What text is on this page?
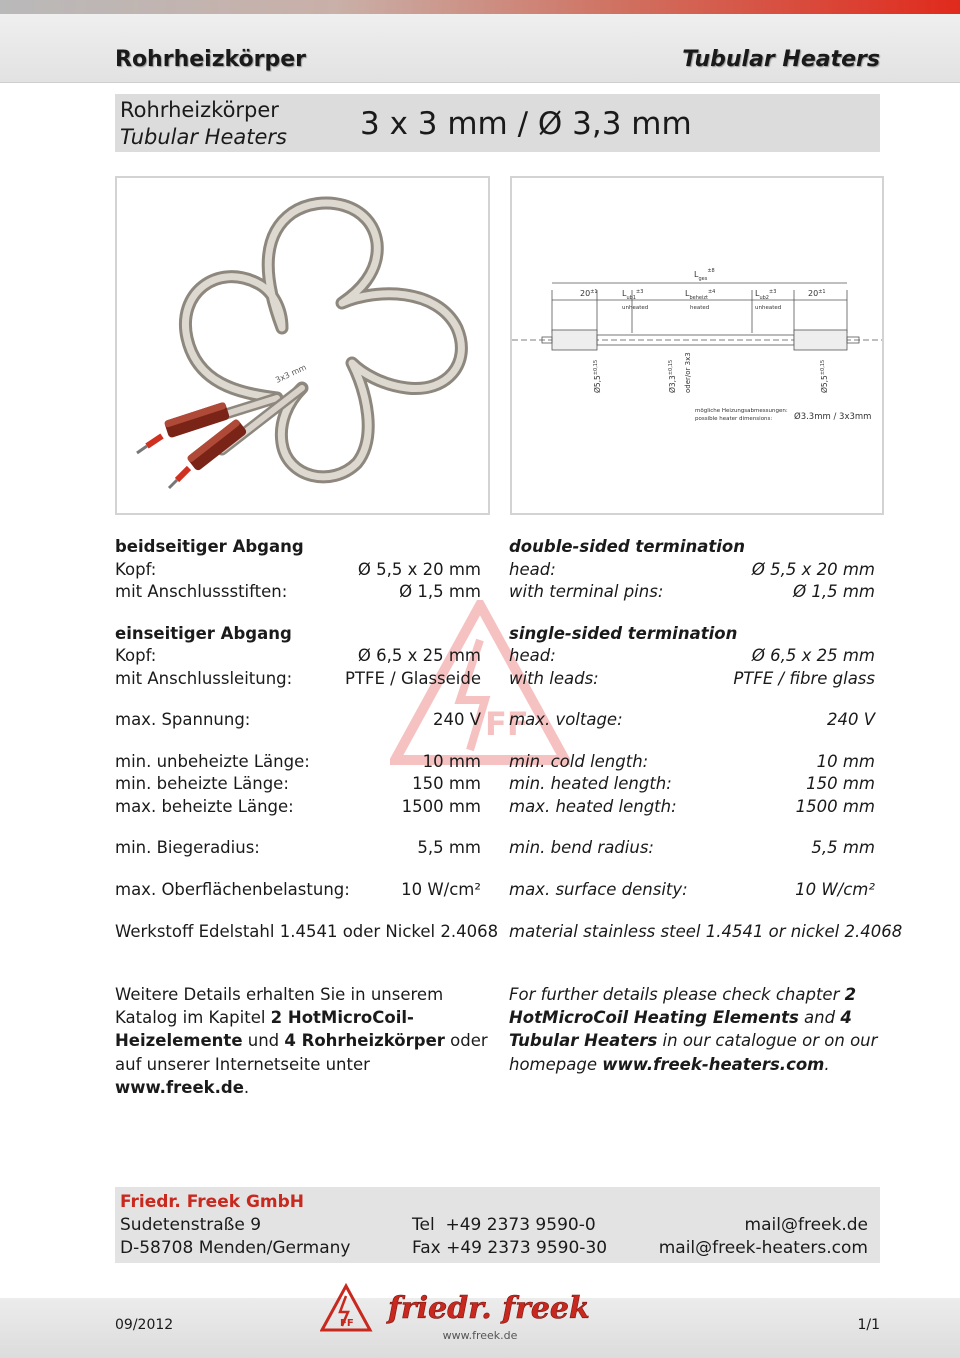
Rohrheizkörper	Tubular Heaters
Rohrheizkörper
Tubular Heaters 3 x 3 mm / Ø 3,3 mm
3x3 mm
$L_{ges}^{\pm 8}$
$20^{\pm 1}$	$L_{ub1}^{\pm 3}$
unheated
$L_{beheizt}^{\pm 4}$
heated
$L_{ub2}^{\pm 3}$
unheated
$20^{\pm 1}$
$Ø5,5^{\pm 0,15}$
$Ø3,3^{\pm 0,15}$	oder/or 3x3	$Ø5,5^{\pm 0,15}$
mögliche Heizungsabmessungen:
possible heater dimensions:	Ø3.3mm / 3x3mm
FF
beidseitiger Abgang
Kopf:	Ø 5,5 x 20 mm
mit Anschlussstiften:	Ø 1,5 mm
einseitiger Abgang
Kopf:	Ø 6,5 x 25 mm
mit Anschlussleitung:	PTFE / Glasseide
max. Spannung:	240 V
min. unbeheizte Länge:	10 mm
min. beheizte Länge:	150 mm
max. beheizte Länge:	1500 mm
min. Biegeradius:	5,5 mm
max. Oberflächenbelastung:	10 W/cm²
double-sided termination
head:	Ø 5,5 x 20 mm
with terminal pins:	Ø 1,5 mm
single-sided termination
head:	Ø 6,5 x 25 mm
with leads:	PTFE / fibre glass
max. voltage:	240 V
min. cold length:	10 mm
min. heated length:	150 mm
max. heated length:	1500 mm
min. bend radius:	5,5 mm
max. surface density:	10 W/cm²
Werkstoff Edelstahl 1.4541 oder Nickel 2.4068 material stainless steel 1.4541 or nickel 2.4068
Weitere Details erhalten Sie in unserem Katalog im Kapitel 2 HotMicroCoil-Heizelemente und 4 Rohrheizkörper oder auf unserer Internetseite unter www.freek.de.
For further details please check chapter 2 HotMicroCoil Heating Elements and 4 Tubular Heaters in our catalogue or on our homepage www.freek-heaters.com.
Friedr. Freek GmbH
Sudetenstraße 9
D-58708 Menden/Germany
Tel  +49 2373 9590-0
Fax +49 2373 9590-30
mail@freek.de
mail@freek-heaters.com
FF friedr. freek
09/2012	1/1
www.freek.de
